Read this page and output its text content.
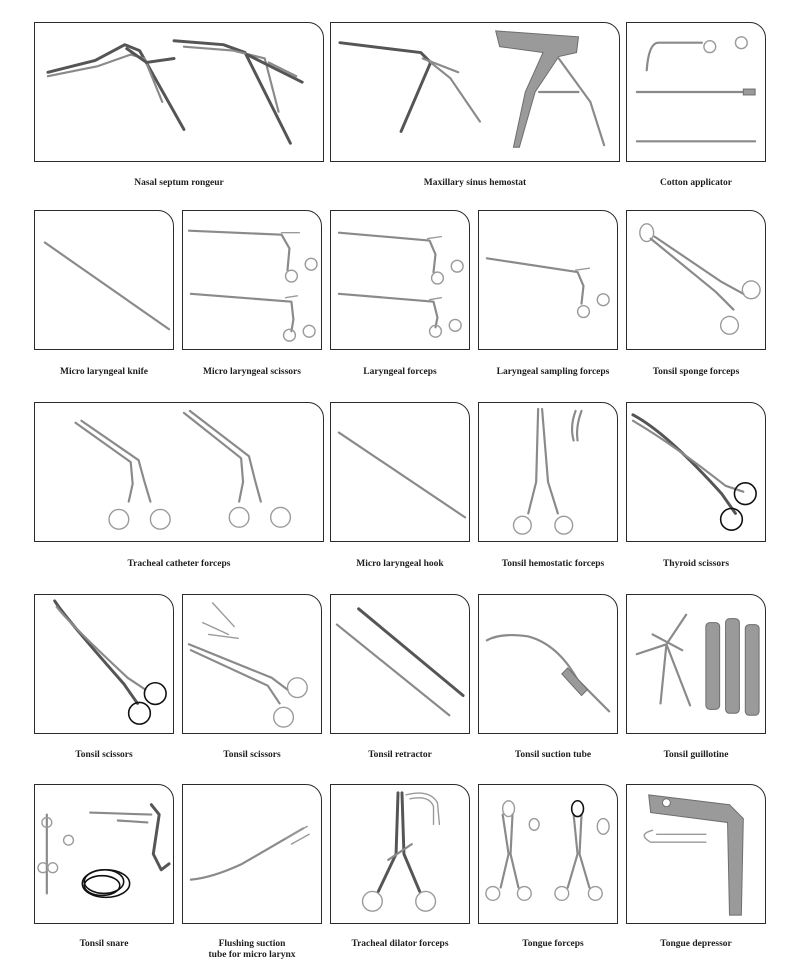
Nasal septum rongeur	Maxillary sinus hemostat	Cotton applicator
Micro laryngeal knife	Micro laryngeal scissors	Laryngeal forceps	Laryngeal sampling forceps	Tonsil sponge forceps
Tracheal catheter forceps	Micro laryngeal hook	Tonsil hemostatic forceps	Thyroid scissors
Tonsil scissors	Tonsil scissors	Tonsil retractor	Tonsil suction tube	Tonsil guillotine
Tonsil snare	Flushing suction
tube for micro larynx
Tracheal dilator forceps	Tongue forceps	Tongue depressor
